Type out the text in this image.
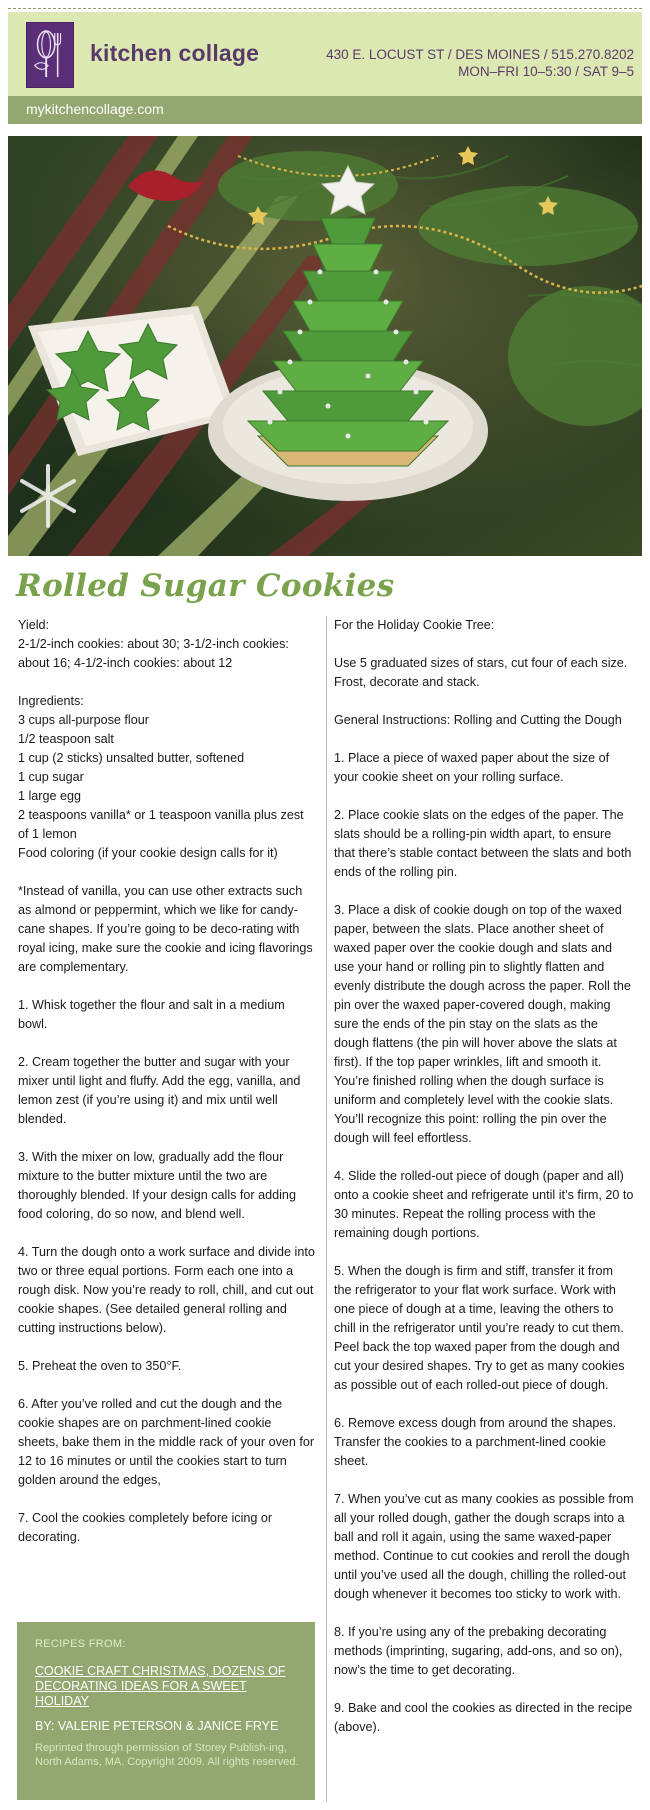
kitchen collage	430 E. LOCUST ST / DES MOINES / 515.270.8202
MON–FRI 10–5:30 / SAT 9–5
mykitchencollage.com
Rolled Sugar Cookies

Yield:
2-1/2-inch cookies: about 30; 3-1/2-inch cookies: about 16; 4-1/2-inch cookies: about 12

Ingredients:
3 cups all-purpose flour
1/2 teaspoon salt
1 cup (2 sticks) unsalted butter, softened
1 cup sugar
1 large egg
2 teaspoons vanilla* or 1 teaspoon vanilla plus zest of 1 lemon
Food coloring (if your cookie design calls for it)

*Instead of vanilla, you can use other extracts such as almond or peppermint, which we like for candy-cane shapes. If you’re going to be deco-rating with royal icing, make sure the cookie and icing flavorings are complementary.

1. Whisk together the flour and salt in a medium bowl.

2. Cream together the butter and sugar with your mixer until light and fluffy. Add the egg, vanilla, and lemon zest (if you’re using it) and mix until well blended.

3. With the mixer on low, gradually add the flour mixture to the butter mixture until the two are thoroughly blended. If your design calls for adding food coloring, do so now, and blend well.

4. Turn the dough onto a work surface and divide into two or three equal portions. Form each one into a rough disk. Now you’re ready to roll, chill, and cut out cookie shapes. (See detailed general rolling and cutting instructions below).

5. Preheat the oven to 350°F.

6. After you’ve rolled and cut the dough and the cookie shapes are on parchment-lined cookie sheets, bake them in the middle rack of your oven for 12 to 16 minutes or until the cookies start to turn golden around the edges,

7. Cool the cookies completely before icing or decorating.

RECIPES FROM:
COOKIE CRAFT CHRISTMAS, DOZENS OF DECORATING IDEAS FOR A SWEET HOLIDAY
BY: VALERIE PETERSON & JANICE FRYE
Reprinted through permission of Storey Publish-ing, North Adams, MA. Copyright 2009. All rights reserved.

For the Holiday Cookie Tree:

Use 5 graduated sizes of stars, cut four of each size. Frost, decorate and stack.

General Instructions: Rolling and Cutting the Dough

1. Place a piece of waxed paper about the size of your cookie sheet on your rolling surface.

2. Place cookie slats on the edges of the paper. The slats should be a rolling-pin width apart, to ensure that there’s stable contact between the slats and both ends of the rolling pin.

3. Place a disk of cookie dough on top of the waxed paper, between the slats. Place another sheet of waxed paper over the cookie dough and slats and use your hand or rolling pin to slightly flatten and evenly distribute the dough across the paper. Roll the pin over the waxed paper-covered dough, making sure the ends of the pin stay on the slats as the dough flattens (the pin will hover above the slats at first). If the top paper wrinkles, lift and smooth it. You’re finished rolling when the dough surface is uniform and completely level with the cookie slats. You’ll recognize this point: rolling the pin over the dough will feel effortless.

4. Slide the rolled-out piece of dough (paper and all) onto a cookie sheet and refrigerate until it’s firm, 20 to 30 minutes. Repeat the rolling process with the remaining dough portions.

5. When the dough is firm and stiff, transfer it from the refrigerator to your flat work surface. Work with one piece of dough at a time, leaving the others to chill in the refrigerator until you’re ready to cut them. Peel back the top waxed paper from the dough and cut your desired shapes. Try to get as many cookies as possible out of each rolled-out piece of dough.

6. Remove excess dough from around the shapes. Transfer the cookies to a parchment-lined cookie sheet.

7. When you’ve cut as many cookies as possible from all your rolled dough, gather the dough scraps into a ball and roll it again, using the same waxed-paper method. Continue to cut cookies and reroll the dough until you’ve used all the dough, chilling the rolled-out dough whenever it becomes too sticky to work with.

8. If you’re using any of the prebaking decorating methods (imprinting, sugaring, add-ons, and so on), now’s the time to get decorating.

9. Bake and cool the cookies as directed in the recipe (above).
